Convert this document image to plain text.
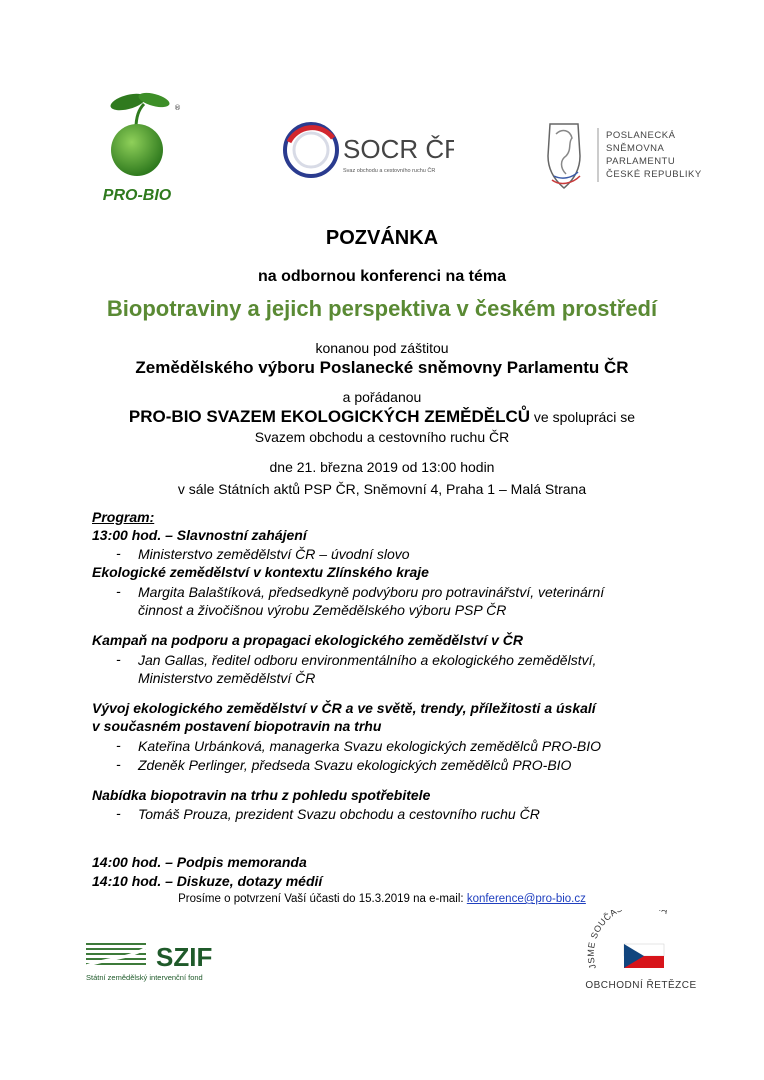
®
PRO-BIO
SOCR ČR
Svaz obchodu a cestovního ruchu ČR
POSLANECKÁ
SNĚMOVNA
PARLAMENTU
ČESKÉ REPUBLIKY
POZVÁNKA
na odbornou konferenci na téma
Biopotraviny a jejich perspektiva v českém prostředí
konanou pod záštitou
Zemědělského výboru Poslanecké sněmovny Parlamentu ČR
a pořádanou
PRO-BIO SVAZEM EKOLOGICKÝCH ZEMĚDĚLCŮ ve spolupráci se
Svazem obchodu a cestovního ruchu ČR
dne 21. března 2019 od 13:00 hodin
v sále Státních aktů PSP ČR, Sněmovní 4, Praha 1 – Malá Strana
Program:
13:00 hod. – Slavnostní zahájení
- Ministerstvo zemědělství ČR – úvodní slovo
Ekologické zemědělství v kontextu Zlínského kraje
- Margita Balaštíková, předsedkyně podvýboru pro potravinářství, veterinární
činnost a živočišnou výrobu Zemědělského výboru PSP ČR
Kampaň na podporu a propagaci ekologického zemědělství v ČR
- Jan Gallas, ředitel odboru environmentálního a ekologického zemědělství,
Ministerstvo zemědělství ČR
Vývoj ekologického zemědělství v ČR a ve světě, trendy, příležitosti a úskalí
v současném postavení biopotravin na trhu
- Kateřina Urbánková, managerka Svazu ekologických zemědělců PRO-BIO
- Zdeněk Perlinger, předseda Svazu ekologických zemědělců PRO-BIO
Nabídka biopotravin na trhu z pohledu spotřebitele
- Tomáš Prouza, prezident Svazu obchodu a cestovního ruchu ČR
14:00 hod. – Podpis memoranda
14:10 hod. – Diskuze, dotazy médií
Prosíme o potvrzení Vaší účasti do 15.3.2019 na e-mail: konference@pro-bio.cz
SZIF
Státní zemědělský intervenční fond
JSME SOUČÁ A
OBCHODNÍ ŘETĚZCE
